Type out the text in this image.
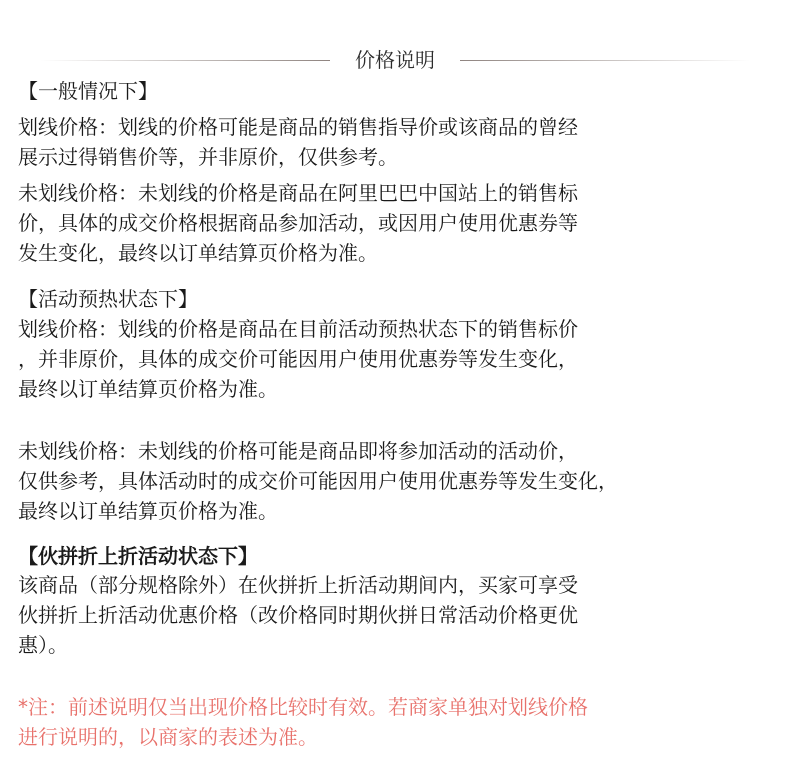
价格说明
【一般情况下】
划线价格：划线的价格可能是商品的销售指导价或该商品的曾经
展示过得销售价等，并非原价，仅供参考。
未划线价格：未划线的价格是商品在阿里巴巴中国站上的销售标
价，具体的成交价格根据商品参加活动，或因用户使用优惠券等
发生变化，最终以订单结算页价格为准。
【活动预热状态下】
划线价格：划线的价格是商品在目前活动预热状态下的销售标价
，并非原价，具体的成交价可能因用户使用优惠券等发生变化，
最终以订单结算页价格为准。
未划线价格：未划线的价格可能是商品即将参加活动的活动价，
仅供参考，具体活动时的成交价可能因用户使用优惠券等发生变化，
最终以订单结算页价格为准。
【伙拼折上折活动状态下】
该商品（部分规格除外）在伙拼折上折活动期间内，买家可享受
伙拼折上折活动优惠价格（改价格同时期伙拼日常活动价格更优
惠）。
*注：前述说明仅当出现价格比较时有效。若商家单独对划线价格
进行说明的，以商家的表述为准。
